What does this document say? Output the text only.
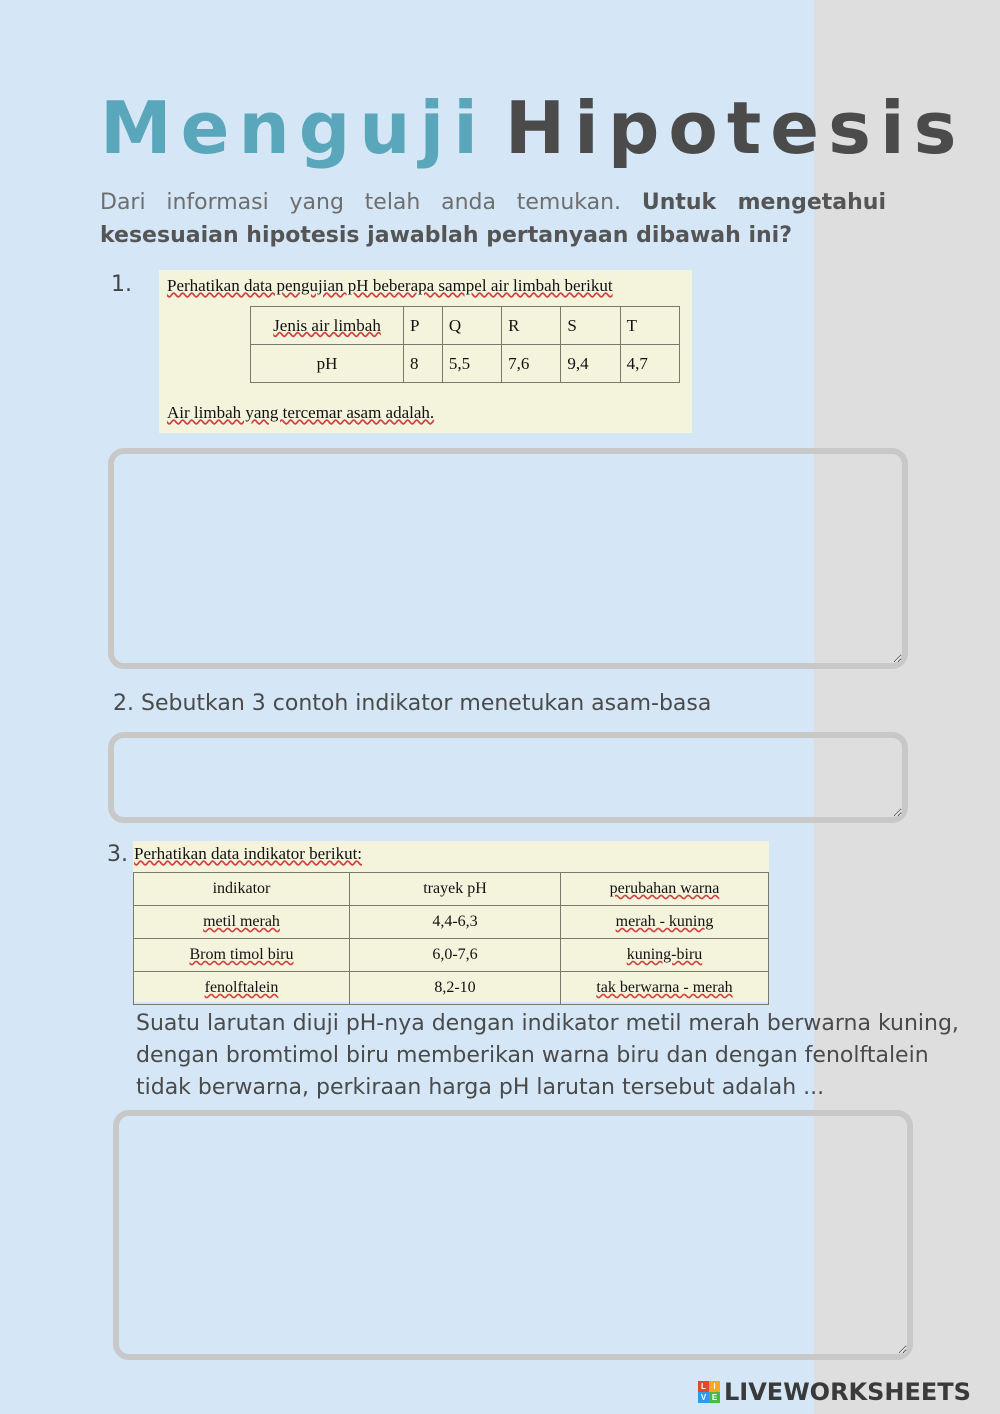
Menguji Hipotesis

Dari informasi yang telah anda temukan. Untuk mengetahui kesesuaian hipotesis jawablah pertanyaan dibawah ini?

1. Perhatikan data pengujian pH beberapa sampel air limbah berikut
Jenis air limbah	P	Q	R	S	T
pH	8	5,5	7,6	9,4	4,7
Air limbah yang tercemar asam adalah.
2. Sebutkan 3 contoh indikator menetukan asam-basa
3. Perhatikan data indikator berikut:
indikator	trayek pH	perubahan warna
metil merah	4,4-6,3	merah - kuning
Brom timol biru	6,0-7,6	kuning-biru
fenolftalein	8,2-10	tak berwarna - merah
Suatu larutan diuji pH-nya dengan indikator metil merah berwarna kuning, dengan bromtimol biru memberikan warna biru dan dengan fenolftalein tidak berwarna, perkiraan harga pH larutan tersebut adalah ...
L I
V E LIVEWORKSHEETS
